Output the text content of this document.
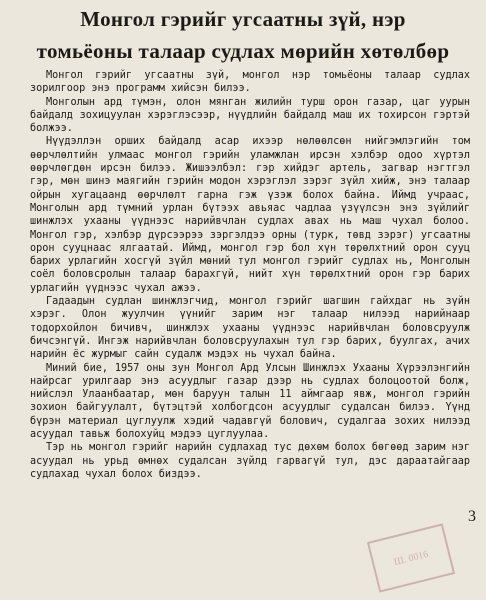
Монгол гэрийг угсаатны зүй, нэр
томьёоны талаар судлах мөрийн хөтөлбөр

Монгол гэрийг угсаатны зүй, монгол нэр томьёоны талаар судлах зорилгоор энэ программ хийсэн билээ.

Монголын ард түмэн, олон мянган жилийн турш орон газар, цаг уурын байдалд зохицуулан хэрэглэсээр, нүүдлийн байдалд маш их тохирсон гэртэй болжээ.

Нүүдэллэн орших байдалд асар ихээр нөлөөлсөн нийгэмлэгийн том өөрчлөлтийн улмаас монгол гэрийн уламжлан ирсэн хэлбэр одоо хүртэл өөрчлөгдөн ирсэн билээ. Жишээлбэл: гэр хийдэг артель, загвар нэгтгэл гэр, мөн шинэ маягийн гэрийн модон хэрэглэл зэрэг зүйл хийж, энэ талаар ойрын хугацаанд өөрчлөлт гарна гэж үзэж болох байна. Иймд учраас, Монголын ард түмний урлан бүтээх авьяас чадлаа үзүүлсэн энэ зүйлийг шинжлэх ухааны үүднээс нарийвчлан судлах авах нь маш чухал болоо. Монгол гэр, хэлбэр дүрсээрээ зэргэлдээ орны (турк, төвд зэрэг) угсаатны орон сууцнаас ялгаатай. Иймд, монгол гэр бол хүн төрөлхтний орон сууц барих урлагийн хосгүй зүйл мөний тул монгол гэрийг судлах нь, Монголын соёл боловсролын талаар барахгүй, нийт хүн төрөлхтний орон гэр барих урлагийн үүднээс чухал ажээ.

Гадаадын судлан шинжлэгчид, монгол гэрийг шагшин гайхдаг нь зүйн хэрэг. Олон жуулчин үүнийг зарим нэг талаар нилээд нарийнаар тодорхойлон бичивч, шинжлэх ухааны үүднээс нарийвчлан боловсруулж бичсэнгүй. Ингэж нарийвчлан боловсруулахын тул гэр барих, буулгах, ачих нарийн ёс журмыг сайн судалж мэдэх нь чухал байна.

Миний бие, 1957 оны зун Монгол Ард Улсын Шинжлэх Ухааны Хүрээлэнгийн найрсаг урилгаар энэ асуудлыг газар дээр нь судлах болоцоотой болж, нийслэл Улаанбаатар, мөн баруун талын 11 аймгаар явж, монгол гэрийн зохион байгуулалт, бүтэцтэй холбогдсон асуудлыг судалсан билээ. Үүнд бүрэн материал цуглуулж хэдий чадавгүй болович, судалгаа зохих нилээд асуудал тавьж болохуйц мэдээ цуглуулаа.

Тэр нь монгол гэрийг нарийн судлахад тус дөхөм болох бөгөөд зарим нэг асуудал нь урьд өмнөх судалсан зүйлд гарвагүй тул, дэс дараатайгаар судлахад чухал болох биздээ.

3
Ш. 0016
